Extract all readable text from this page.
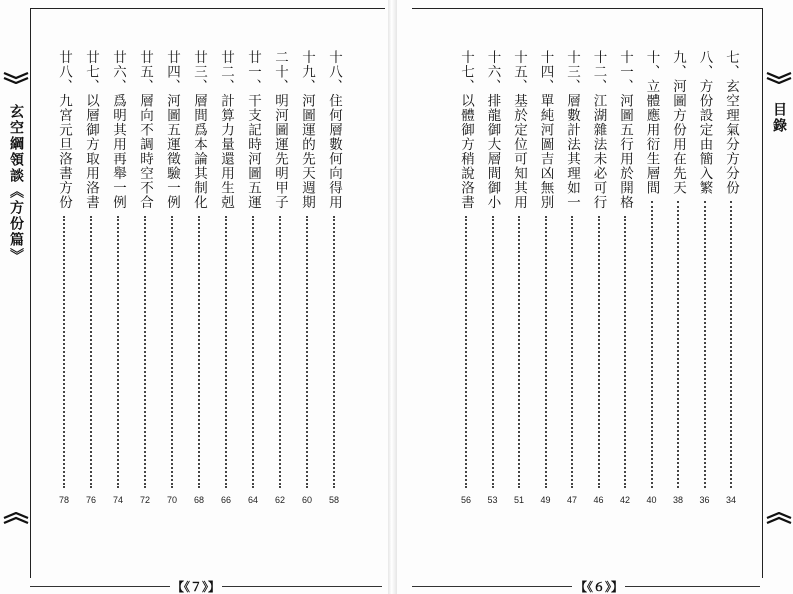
玄空綱領談《方份篇》	十八、住何層數何向得用
58
十九、河圖運的先天週期
60
二十、明河圖運先明甲子
62
廿一、干支記時河圖五運
64
廿二、計算力量還用生剋
66
廿三、層間爲本論其制化
68
廿四、河圖五運徵驗一例
70
廿五、層向不調時空不合
72
廿六、爲明其用再舉一例
74
廿七、以層御方取用洛書
76
廿八、九宮元旦洛書方份
78
【《７》】
目錄
七、玄空理氣分方分份
34
八、方份設定由簡入繁
36
九、河圖方份用在先天
38
十、立體應用衍生層間
40
十一、河圖五行用於開格
42
十二、江湖雜法未必可行
46
十三、層數計法其理如一
47
十四、單純河圖吉凶無別
49
十五、基於定位可知其用
51
十六、排龍御大層間御小
53
十七、以體御方稍說洛書
56
【《６》】
